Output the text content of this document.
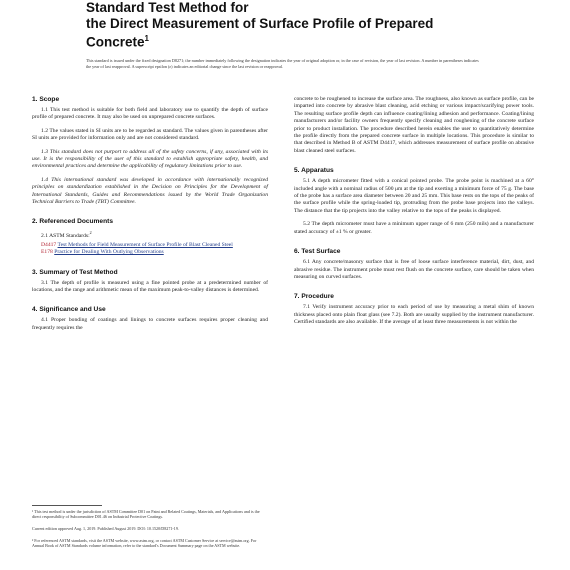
Standard Test Method for
the Direct Measurement of Surface Profile of Prepared
Concrete$^1$
This standard is issued under the fixed designation D8271; the number immediately following the designation indicates the year of original adoption or, in the case of revision, the year of last revision. A number in parentheses indicates the year of last reapproval. A superscript epsilon (ε) indicates an editorial change since the last revision or reapproval.
1. Scope

1.1 This test method is suitable for both field and laboratory use to quantify the depth of surface profile of prepared concrete. It may also be used on unprepared concrete surfaces.

1.2 The values stated in SI units are to be regarded as standard. The values given in parentheses after SI units are provided for information only and are not considered standard.

1.3 This standard does not purport to address all of the safety concerns, if any, associated with its use. It is the responsibility of the user of this standard to establish appropriate safety, health, and environmental practices and determine the applicability of regulatory limitations prior to use.

1.4 This international standard was developed in accordance with internationally recognized principles on standardization established in the Decision on Principles for the Development of International Standards, Guides and Recommendations issued by the World Trade Organization Technical Barriers to Trade (TBT) Committee.

2. Referenced Documents

2.1 ASTM Standards:$^2$

D4417 Test Methods for Field Measurement of Surface Profile of Blast Cleaned Steel
E178 Practice for Dealing With Outlying Observations
3. Summary of Test Method

3.1 The depth of profile is measured using a fine pointed probe at a predetermined number of locations, and the range and arithmetic mean of the maximum peak-to-valley distances is determined.

4. Significance and Use

4.1 Proper bonding of coatings and linings to concrete surfaces requires proper cleaning and frequently requires the

¹ This test method is under the jurisdiction of ASTM Committee D01 on Paint and Related Coatings, Materials, and Applications and is the direct responsibility of Subcommittee D01.46 on Industrial Protective Coatings.

Current edition approved Aug. 1, 2019. Published August 2019. DOI: 10.1520/D8271-19.

² For referenced ASTM standards, visit the ASTM website, www.astm.org, or contact ASTM Customer Service at service@astm.org. For Annual Book of ASTM Standards volume information, refer to the standard's Document Summary page on the ASTM website.

concrete to be roughened to increase the surface area. The roughness, also known as surface profile, can be imparted into concrete by abrasive blast cleaning, acid etching or various impact/scarifying power tools. The resulting surface profile depth can influence coating/lining adhesion and performance. Coating/lining manufacturers and/or facility owners frequently specify cleaning and roughening of the concrete surface prior to product installation. The procedure described herein enables the user to quantitatively determine the profile directly from the prepared concrete surface in multiple locations. This procedure is similar to that described in Method B of ASTM D4417, which addresses measurement of surface profile on abrasive blast cleaned steel surfaces.

5. Apparatus

5.1 A depth micrometer fitted with a conical pointed probe. The probe point is machined at a 60° included angle with a nominal radius of 500 μm at the tip and exerting a minimum force of 75 g. The base of the probe has a surface area diameter between 20 and 25 mm. This base rests on the tops of the peaks of the surface profile while the spring-loaded tip, protruding from the probe base projects into the valleys. The distance that the tip projects into the valley relative to the tops of the peaks is displayed.

5.2 The depth micrometer must have a minimum upper range of 6 mm (250 mils) and a manufacturer stated accuracy of ±1 % or greater.

6. Test Surface

6.1 Any concrete/masonry surface that is free of loose surface interference material, dirt, dust, and abrasive residue. The instrument probe must rest flush on the concrete surface, care should be taken when measuring on curved surfaces.

7. Procedure

7.1 Verify instrument accuracy prior to each period of use by measuring a metal shim of known thickness placed onto plain float glass (see 7.2). Both are usually supplied by the instrument manufacturer. Certified standards are also available. If the average of at least three measurements is not within the
